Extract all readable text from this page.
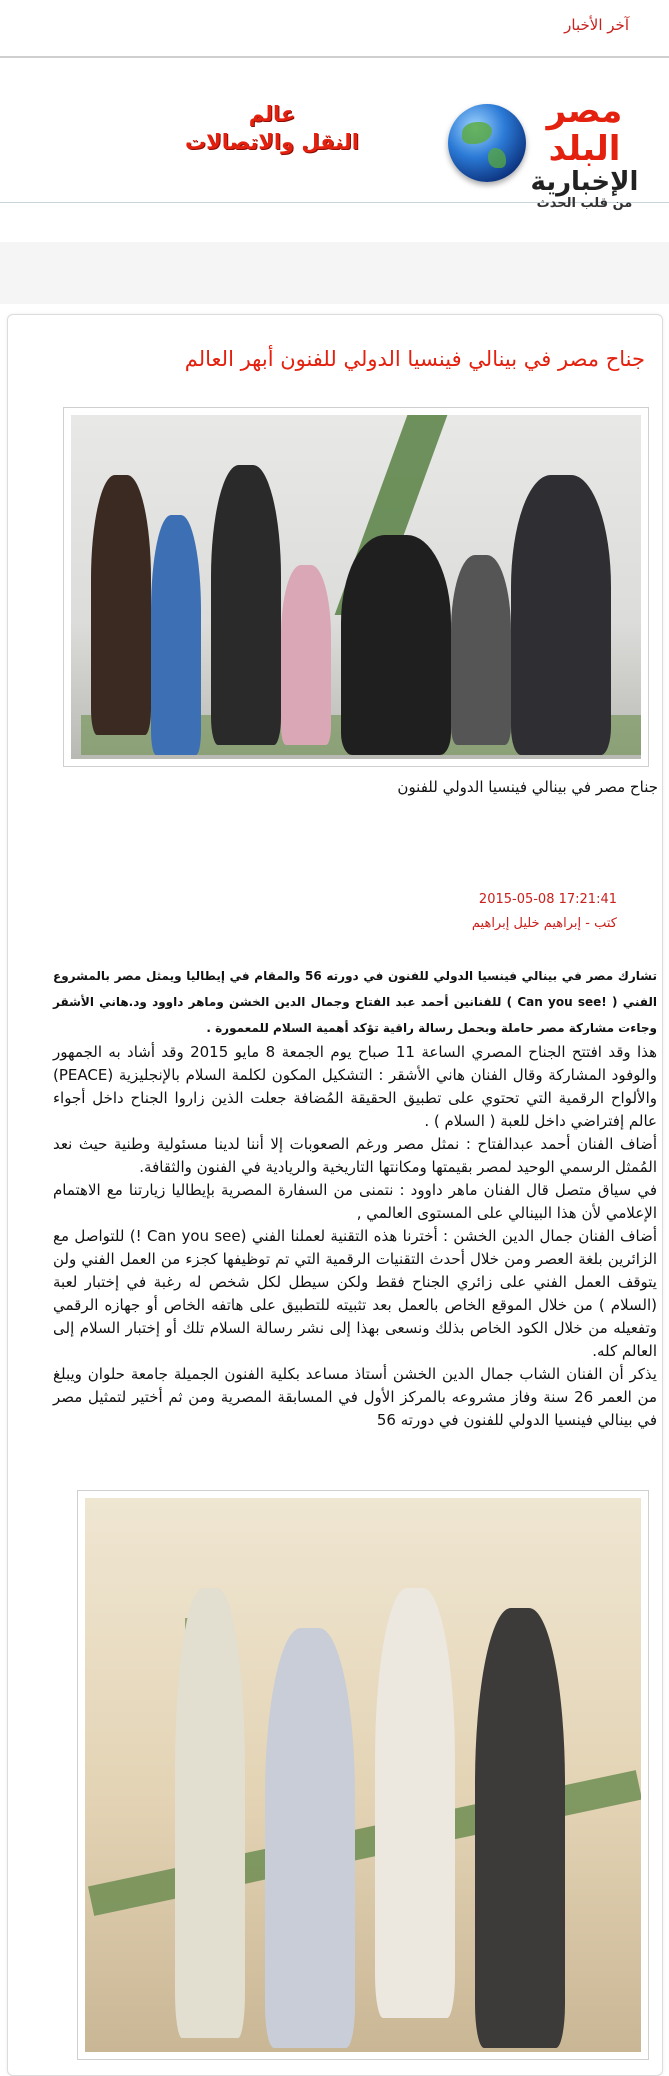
آخر الأخبار
مصر البلد
الإخبارية
من قلب الحدث
عالم
النقل والاتصالات
جناح مصر في بينالي فينسيا الدولي للفنون أبهر العالم
جناح مصر في بينالي فينسيا الدولي للفنون
2015-05-08 17:21:41
كتب - إبراهيم خليل إبراهيم

تشارك مصر في بينالي فينسيا الدولي للفنون في دورته 56 والمقام في إيطاليا ويمثل مصر بالمشروع الفني ( !Can you see ) للفنانين أحمد عبد الفتاح وجمال الدين الخشن وماهر داوود ود.هاني الأشقر وجاءت مشاركة مصر حاملة وبحمل رسالة راقية تؤكد أهمية السلام للمعمورة .

هذا وقد افتتح الجناح المصري الساعة 11 صباح يوم الجمعة 8 مايو 2015 وقد أشاد به الجمهور والوفود المشاركة وقال الفنان هاني الأشقر : التشكيل المكون لكلمة السلام بالإنجليزية (PEACE) والألواح الرقمية التي تحتوي على تطبيق الحقيقة المُضافة جعلت الذين زاروا الجناح داخل أجواء عالم إفتراضي داخل للعبة ( السلام ) .

أضاف الفنان أحمد عبدالفتاح : نمثل مصر ورغم الصعوبات إلا أننا لدينا مسئولية وطنية حيث نعد المُمثل الرسمي الوحيد لمصر بقيمتها ومكانتها التاريخية والريادية في الفنون والثقافة.

في سياق متصل قال الفنان ماهر داوود : نتمنى من السفارة المصرية بإيطاليا زيارتنا مع الاهتمام الإعلامي لأن هذا البينالي على المستوى العالمي ,

أضاف الفنان جمال الدين الخشن : أخترنا هذه التقنية لعملنا الفني (Can you see !) للتواصل مع الزائرين بلغة العصر ومن خلال أحدث التقنيات الرقمية التي تم توظيفها كجزء من العمل الفني ولن يتوقف العمل الفني على زائري الجناح فقط ولكن سيطل لكل شخص له رغبة في إختبار لعبة (السلام ) من خلال الموقع الخاص بالعمل بعد تثبيته للتطبيق على هاتفه الخاص أو جهازه الرقمي وتفعيله من خلال الكود الخاص بذلك ونسعى بهذا إلى نشر رسالة السلام تلك أو إختبار السلام إلى العالم كله.

يذكر أن الفنان الشاب جمال الدين الخشن أستاذ مساعد بكلية الفنون الجميلة جامعة حلوان ويبلغ من العمر 26 سنة وفاز مشروعه بالمركز الأول في المسابقة المصرية ومن ثم أختير لتمثيل مصر في بينالي فينسيا الدولي للفنون في دورته 56
